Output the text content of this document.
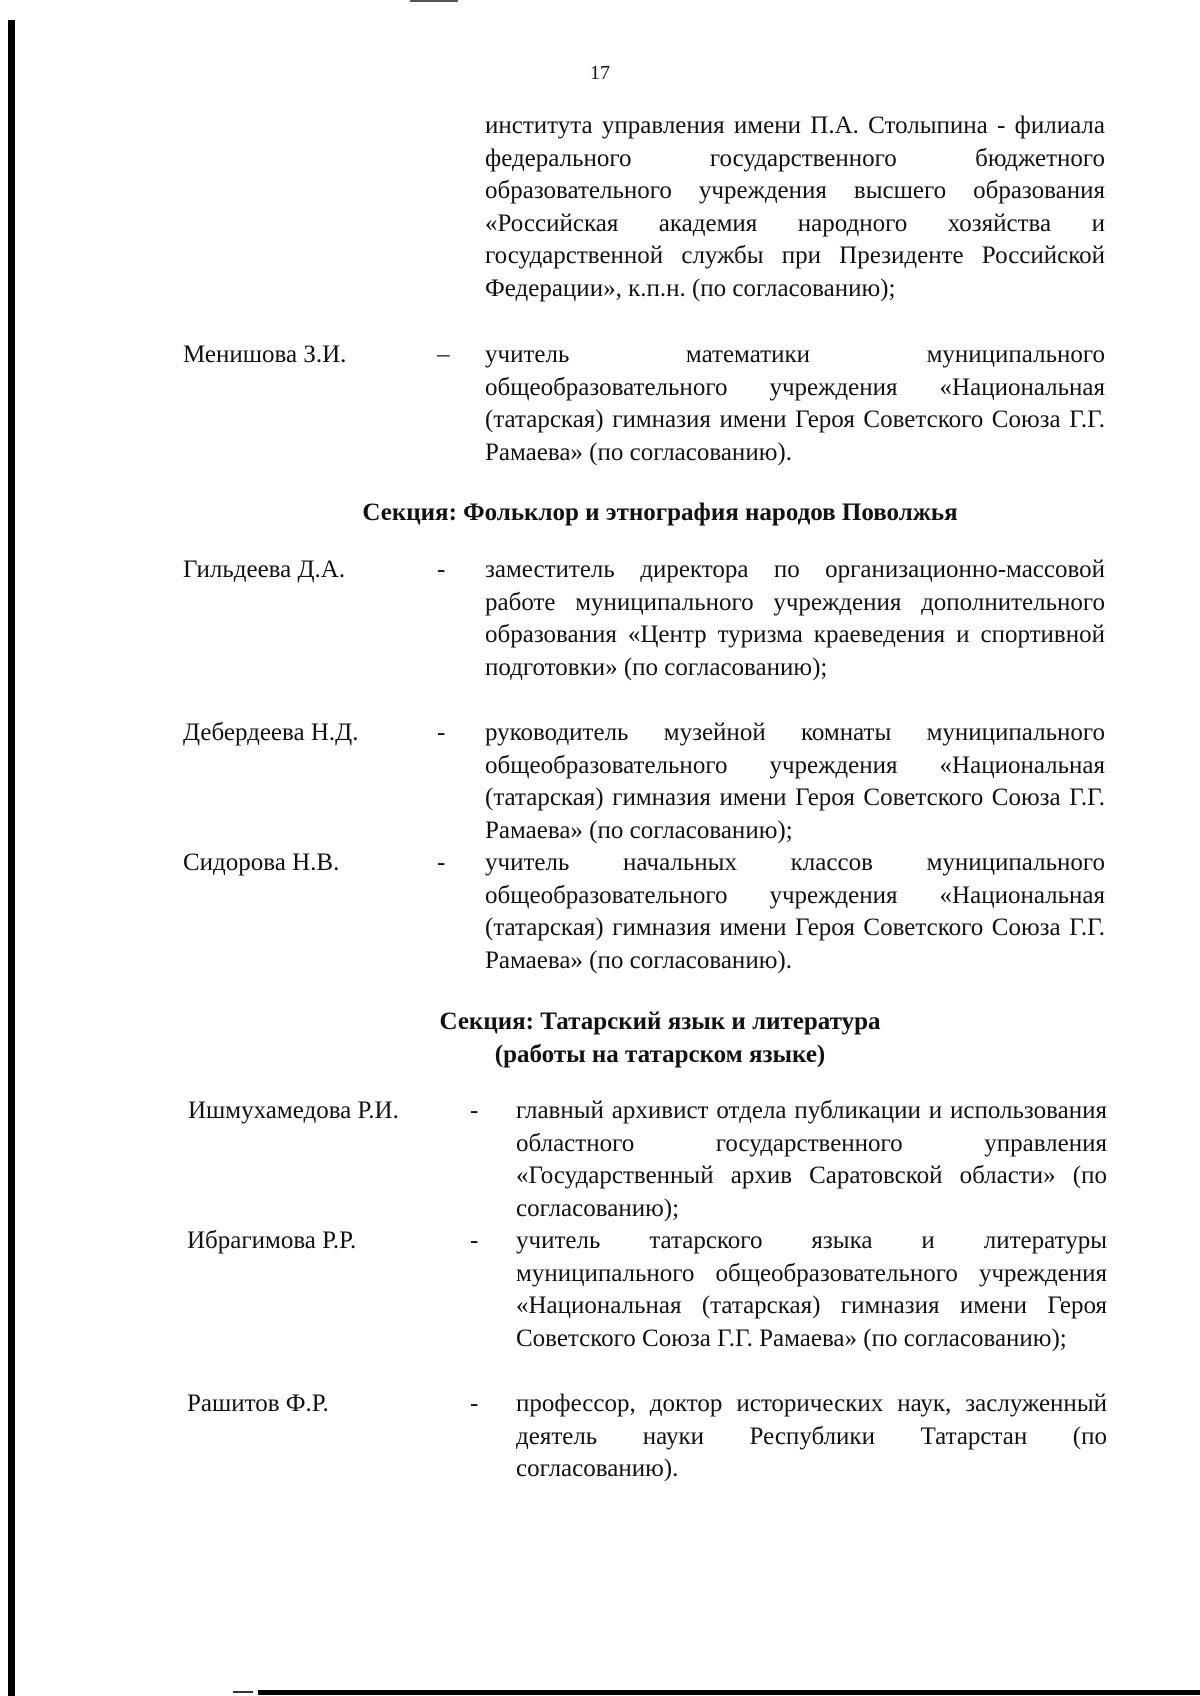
17

института управления имени П.А. Столыпина - филиала федерального государственного бюджетного образовательного учреждения высшего образования «Российская академия народного хозяйства и государственной службы при Президенте Российской Федерации», к.п.н. (по согласованию);

Менишова З.И.	– учитель математики муниципального общеобразовательного учреждения «Национальная (татарская) гимназия имени Героя Советского Союза Г.Г. Рамаева» (по согласованию).

Секция: Фольклор и этнография народов Поволжья
Гильдеева Д.А.	- заместитель директора по организационно-массовой работе муниципального учреждения дополнительного образования «Центр туризма краеведения и спортивной подготовки» (по согласованию);

Дебердеева Н.Д.	- руководитель музейной комнаты муниципального общеобразовательного учреждения «Национальная (татарская) гимназия имени Героя Советского Союза Г.Г. Рамаева» (по согласованию);

Сидорова Н.В.	- учитель начальных классов муниципального общеобразовательного учреждения «Национальная (татарская) гимназия имени Героя Советского Союза Г.Г. Рамаева» (по согласованию).

Секция: Татарский язык и литература
(работы на татарском языке)
Ишмухамедова Р.И.	- главный архивист отдела публикации и использования областного государственного управления «Государственный архив Саратовской области» (по согласованию);

Ибрагимова Р.Р.	- учитель татарского языка и литературы муниципального общеобразовательного учреждения «Национальная (татарская) гимназия имени Героя Советского Союза Г.Г. Рамаева» (по согласованию);

Рашитов Ф.Р.	- профессор, доктор исторических наук, заслуженный деятель науки Республики Татарстан (по согласованию).
